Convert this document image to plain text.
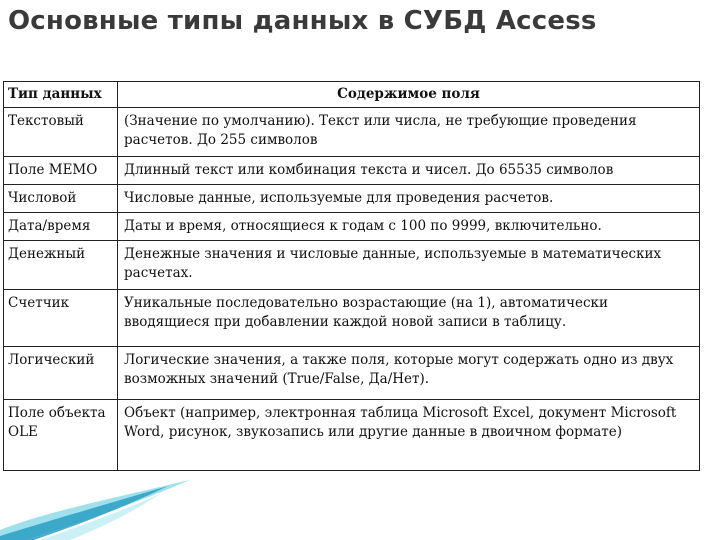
Основные типы данных в СУБД Access
Тип данных	Содержимое поля
Текстовый	(Значение по умолчанию). Текст или числа, не требующие проведения расчетов. До 255 символов
Поле МЕМО	Длинный текст или комбинация текста и чисел. До 65535 символов
Числовой	Числовые данные, используемые для проведения расчетов.
Дата/время	Даты и время, относящиеся к годам с 100 по 9999, включительно.
Денежный	Денежные значения и числовые данные, используемые в математических расчетах.
Счетчик	Уникальные последовательно возрастающие (на 1), автоматически вводящиеся при добавлении каждой новой записи в таблицу.
Логический	Логические значения, а также поля, которые могут содержать одно из двух возможных значений (True/False, Да/Нет).
Поле объекта OLE	Объект (например, электронная таблица Microsoft Excel, документ Microsoft Word, рисунок, звукозапись или другие данные в двоичном формате)
